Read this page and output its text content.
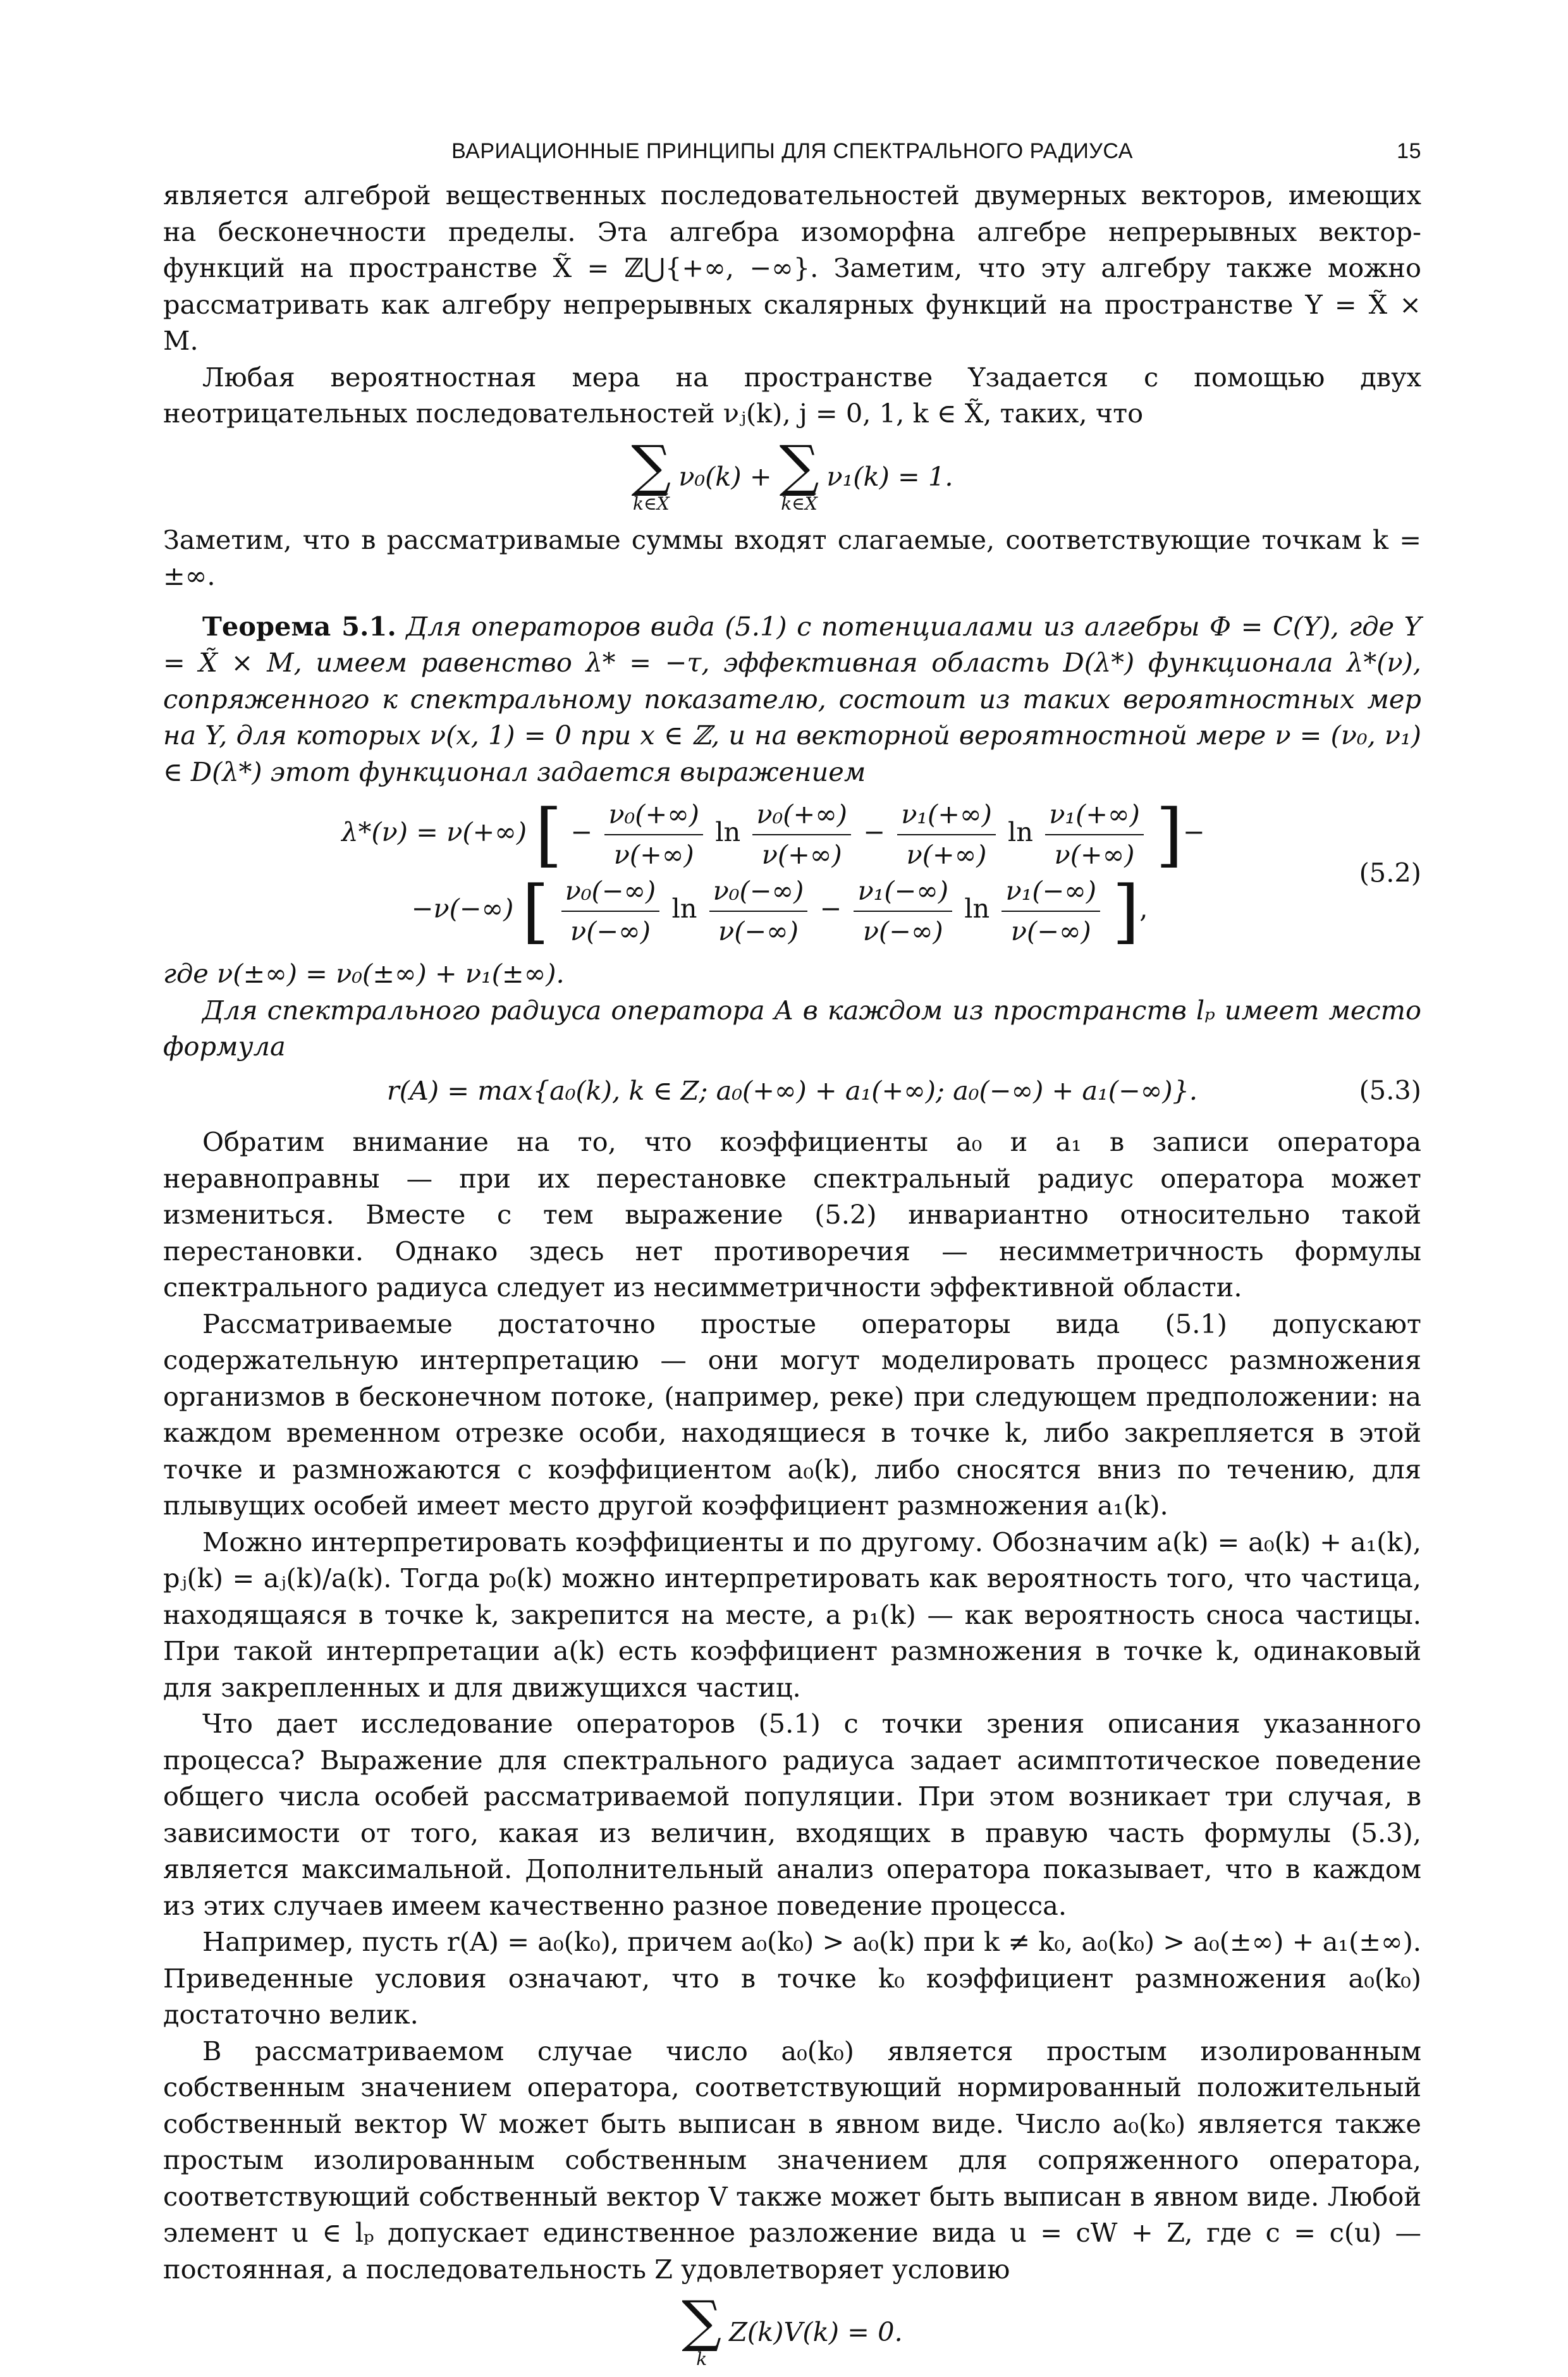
ВАРИАЦИОННЫЕ ПРИНЦИПЫ ДЛЯ СПЕКТРАЛЬНОГО РАДИУСА	15

является алгеброй вещественных последовательностей двумерных векторов, имеющих на бесконечности пределы. Эта алгебра изоморфна алгебре непрерывных вектор-функций на пространстве X̃ = ℤ⋃{+∞, −∞}. Заметим, что эту алгебру также можно рассматривать как алгебру непрерывных скалярных функций на пространстве Y = X̃ × M.

Любая вероятностная мера на пространстве Yзадается с помощью двух неотрицательных последовательностей νⱼ(k), j = 0, 1, k ∈ X̃, таких, что

∑
k∈X̃
ν₀(k) + ∑
k∈X̃
ν₁(k) = 1.

Заметим, что в рассматривамые суммы входят слагаемые, соответствующие точкам k = ±∞.

Теорема 5.1. Для операторов вида (5.1) с потенциалами из алгебры Φ = C(Y), где Y = X̃ × M, имеем равенство λ* = −τ, эффективная область D(λ*) функционала λ*(ν), сопряженного к спектральному показателю, состоит из таких вероятностных мер на Y, для которых ν(x, 1) = 0 при x ∈ ℤ, и на векторной вероятностной мере ν = (ν₀, ν₁) ∈ D(λ*) этот функционал задается выражением

λ*(ν) = ν(+∞) [ − $\frac{\text{ν₀(+∞)}}{\nu(+\infty)}$ $\ln \frac{\text{ν₀(+∞)}}{\nu(+\infty)} - \frac{\text{ν₁(+∞)}}{\nu(+\infty)}$ $\ln \frac{\text{ν₁(+∞)}}{\nu(+\infty)}$ ]−
−ν(−∞) [ $\frac{\text{ν₀(−∞)}}{\nu(-\infty)}$ $\ln \frac{\text{ν₀(−∞)}}{\nu(-\infty)} - \frac{\text{ν₁(−∞)}}{\nu(-\infty)}$ $\ln \frac{\text{ν₁(−∞)}}{\nu(-\infty)}$ ],
(5.2)

где ν(±∞) = ν₀(±∞) + ν₁(±∞).

Для спектрального радиуса оператора A в каждом из пространств lₚ имеет место формула

r(A) = max{a₀(k), k ∈ Z; a₀(+∞) + a₁(+∞); a₀(−∞) + a₁(−∞)}.	(5.3)

Обратим внимание на то, что коэффициенты a₀ и a₁ в записи оператора неравноправны — при их перестановке спектральный радиус оператора может измениться. Вместе с тем выражение (5.2) инвариантно относительно такой перестановки. Однако здесь нет противоречия — несимметричность формулы спектрального радиуса следует из несимметричности эффективной области.

Рассматриваемые достаточно простые операторы вида (5.1) допускают содержательную интерпретацию — они могут моделировать процесс размножения организмов в бесконечном потоке, (например, реке) при следующем предположении: на каждом временном отрезке особи, находящиеся в точке k, либо закрепляется в этой точке и размножаются с коэффициентом a₀(k), либо сносятся вниз по течению, для плывущих особей имеет место другой коэффициент размножения a₁(k).

Можно интерпретировать коэффициенты и по другому. Обозначим a(k) = a₀(k) + a₁(k), pⱼ(k) = aⱼ(k)/a(k). Тогда p₀(k) можно интерпретировать как вероятность того, что частица, находящаяся в точке k, закрепится на месте, а p₁(k) — как вероятность сноса частицы. При такой интерпретации a(k) есть коэффициент размножения в точке k, одинаковый для закрепленных и для движущихся частиц.

Что дает исследование операторов (5.1) с точки зрения описания указанного процесса? Выражение для спектрального радиуса задает асимптотическое поведение общего числа особей рассматриваемой популяции. При этом возникает три случая, в зависимости от того, какая из величин, входящих в правую часть формулы (5.3), является максимальной. Дополнительный анализ оператора показывает, что в каждом из этих случаев имеем качественно разное поведение процесса.

Например, пусть r(A) = a₀(k₀), причем a₀(k₀) > a₀(k) при k ≠ k₀, a₀(k₀) > a₀(±∞) + a₁(±∞). Приведенные условия означают, что в точке k₀ коэффициент размножения a₀(k₀) достаточно велик.

В рассматриваемом случае число a₀(k₀) является простым изолированным собственным значением оператора, соответствующий нормированный положительный собственный вектор W может быть выписан в явном виде. Число a₀(k₀) является также простым изолированным собственным значением для сопряженного оператора, соответствующий собственный вектор V также может быть выписан в явном виде. Любой элемент u ∈ lₚ допускает единственное разложение вида u = cW + Z, где c = c(u) — постоянная, а последовательность Z удовлетворяет условию

∑
k
Z(k)V(k) = 0.
